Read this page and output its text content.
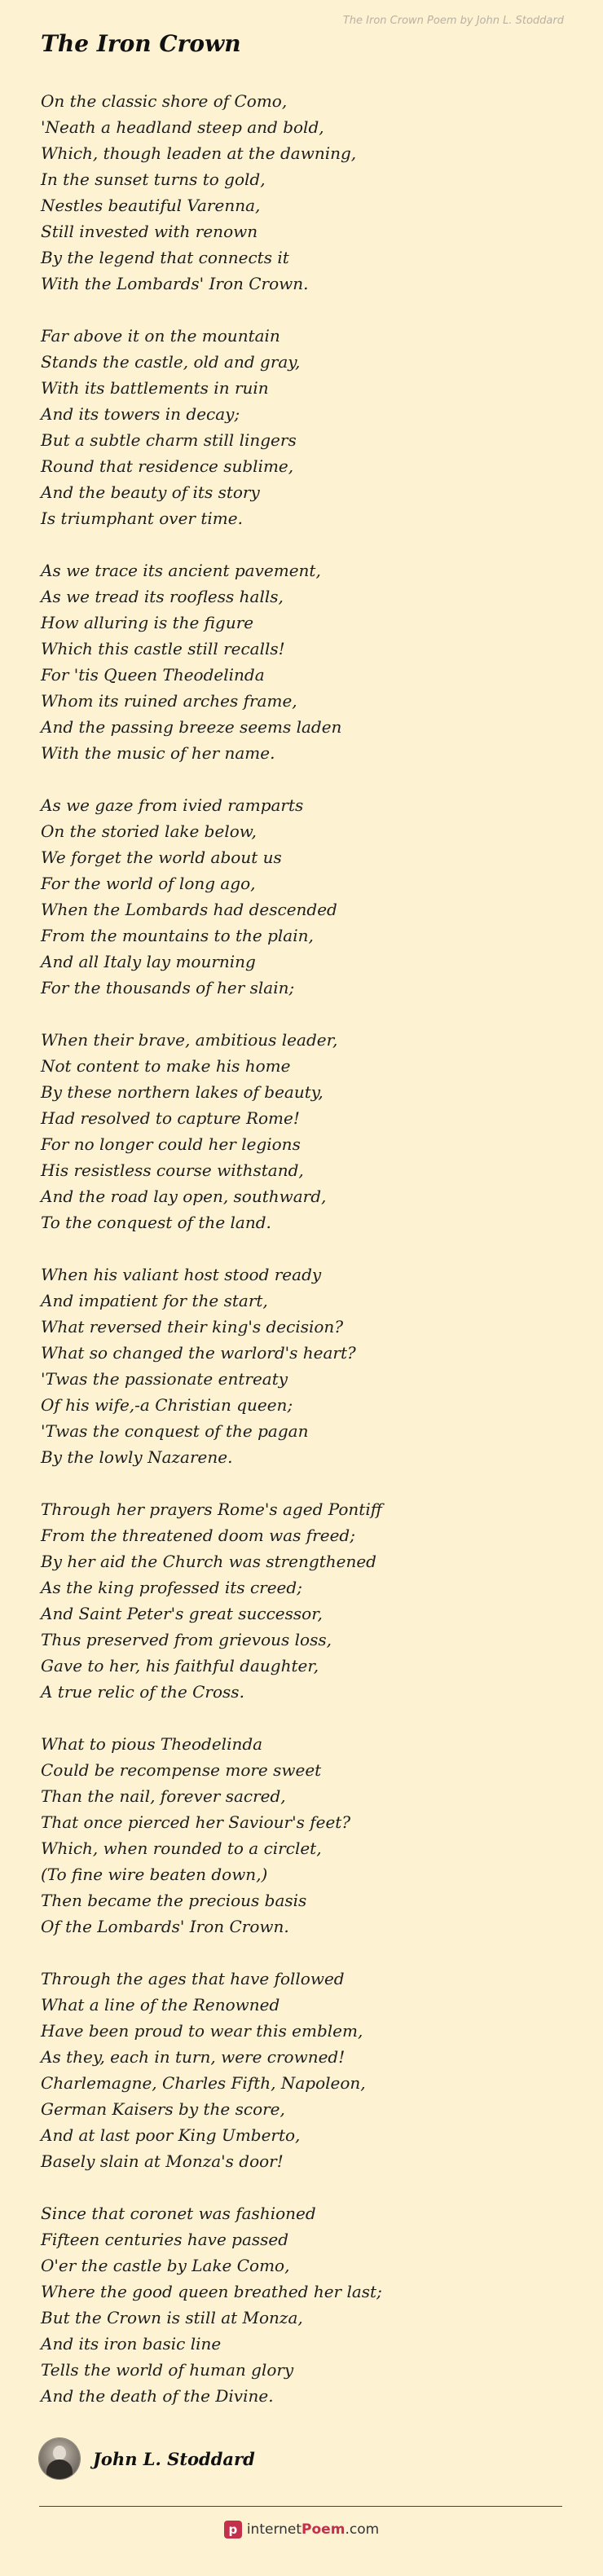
The Iron Crown Poem by John L. Stoddard
The Iron Crown
On the classic shore of Como,
'Neath a headland steep and bold,
Which, though leaden at the dawning,
In the sunset turns to gold,
Nestles beautiful Varenna,
Still invested with renown
By the legend that connects it
With the Lombards' Iron Crown.
Far above it on the mountain
Stands the castle, old and gray,
With its battlements in ruin
And its towers in decay;
But a subtle charm still lingers
Round that residence sublime,
And the beauty of its story
Is triumphant over time.
As we trace its ancient pavement,
As we tread its roofless halls,
How alluring is the figure
Which this castle still recalls!
For 'tis Queen Theodelinda
Whom its ruined arches frame,
And the passing breeze seems laden
With the music of her name.
As we gaze from ivied ramparts
On the storied lake below,
We forget the world about us
For the world of long ago,
When the Lombards had descended
From the mountains to the plain,
And all Italy lay mourning
For the thousands of her slain;
When their brave, ambitious leader,
Not content to make his home
By these northern lakes of beauty,
Had resolved to capture Rome!
For no longer could her legions
His resistless course withstand,
And the road lay open, southward,
To the conquest of the land.
When his valiant host stood ready
And impatient for the start,
What reversed their king's decision?
What so changed the warlord's heart?
'Twas the passionate entreaty
Of his wife,-a Christian queen;
'Twas the conquest of the pagan
By the lowly Nazarene.
Through her prayers Rome's aged Pontiff
From the threatened doom was freed;
By her aid the Church was strengthened
As the king professed its creed;
And Saint Peter's great successor,
Thus preserved from grievous loss,
Gave to her, his faithful daughter,
A true relic of the Cross.
What to pious Theodelinda
Could be recompense more sweet
Than the nail, forever sacred,
That once pierced her Saviour's feet?
Which, when rounded to a circlet,
(To fine wire beaten down,)
Then became the precious basis
Of the Lombards' Iron Crown.
Through the ages that have followed
What a line of the Renowned
Have been proud to wear this emblem,
As they, each in turn, were crowned!
Charlemagne, Charles Fifth, Napoleon,
German Kaisers by the score,
And at last poor King Umberto,
Basely slain at Monza's door!
Since that coronet was fashioned
Fifteen centuries have passed
O'er the castle by Lake Como,
Where the good queen breathed her last;
But the Crown is still at Monza,
And its iron basic line
Tells the world of human glory
And the death of the Divine.
John L. Stoddard
p internetPoem.com
